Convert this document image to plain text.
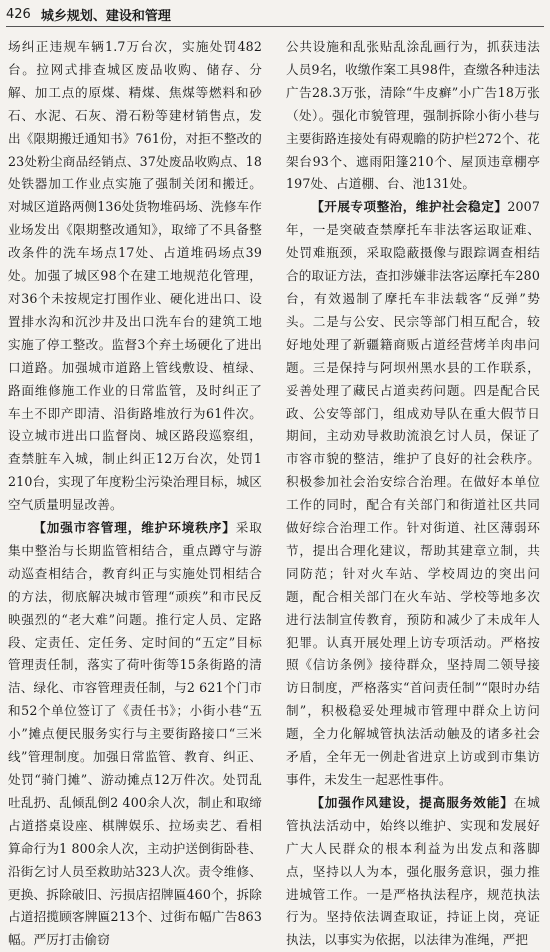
426 城乡规划、建设和管理

场纠正违规车辆1.7万台次，实施处罚482台。拉网式排查城区废品收购、储存、分解、加工点的原煤、精煤、焦煤等燃料和砂石、水泥、石灰、滑石粉等建材销售点，发出《限期搬迁通知书》761份，对拒不整改的23处粉尘商品经销点、37处废品收购点、18处铁器加工作业点实施了强制关闭和搬迁。对城区道路两侧136处货物堆码场、洗修车作业场发出《限期整改通知》，取缔了不具备整改条件的洗车场点17处、占道堆码场点39处。加强了城区98个在建工地规范化管理，对36个未按规定打围作业、硬化进出口、设置排水沟和沉沙井及出口洗车台的建筑工地实施了停工整改。监督3个弃土场硬化了进出口道路。加强城市道路上管线敷设、植绿、路面维修施工作业的日常监管，及时纠正了车土不即产即清、沿街路堆放行为61件次。设立城市进出口监督岗、城区路段巡察组，查禁脏车入城，制止纠正12万台次，处罚1 210台，实现了年度粉尘污染治理目标，城区空气质量明显改善。

【加强市容管理，维护环境秩序】采取集中整治与长期监管相结合，重点蹲守与游动巡查相结合，教育纠正与实施处罚相结合的方法，彻底解决城市管理“顽疾”和市民反映强烈的“老大难”问题。推行定人员、定路段、定责任、定任务、定时间的“五定”目标管理责任制，落实了荷叶街等15条街路的清洁、绿化、市容管理责任制，与2 621个门市和52个单位签订了《责任书》；小街小巷“五小”摊点便民服务实行与主要街路接口“三米线”管理制度。加强日常监管、教育、纠正、处罚“骑门摊”、游动摊点12万件次。处罚乱吐乱扔、乱倾乱倒2 400余人次，制止和取缔占道搭桌设座、棋牌娱乐、拉场卖艺、看相算命行为1 800余人次，主动护送倒街卧巷、沿街乞讨人员至救助站323人次。责令维修、更换、拆除破旧、污损店招牌匾460个，拆除占道招揽顾客牌匾213个、过街布幅广告863幅。严厉打击偷窃

公共设施和乱张贴乱涂乱画行为，抓获违法人员9名，收缴作案工具98件，查缴各种违法广告28.3万张，清除“牛皮癣”小广告18万张（处）。强化市貌管理，强制拆除小街小巷与主要街路连接处有碍观瞻的防护栏272个、花架台93个、遮雨阳篷210个、屋顶违章棚亭197处、占道棚、台、池131处。

【开展专项整治，维护社会稳定】2007年，一是突破查禁摩托车非法客运取证难、处罚难瓶颈，采取隐蔽摄像与跟踪调查相结合的取证方法，查扣涉嫌非法客运摩托车280台，有效遏制了摩托车非法载客“反弹”势头。二是与公安、民宗等部门相互配合，较好地处理了新疆籍商贩占道经营烤羊肉串问题。三是保持与阿坝州黑水县的工作联系，妥善处理了藏民占道卖药问题。四是配合民政、公安等部门，组成劝导队在重大假节日期间，主动劝导救助流浪乞讨人员，保证了市容市貌的整洁，维护了良好的社会秩序。积极参加社会治安综合治理。在做好本单位工作的同时，配合有关部门和街道社区共同做好综合治理工作。针对街道、社区薄弱环节，提出合理化建议，帮助其建章立制，共同防范；针对火车站、学校周边的突出问题，配合相关部门在火车站、学校等地多次进行法制宣传教育，预防和减少了未成年人犯罪。认真开展处理上访专项活动。严格按照《信访条例》接待群众，坚持周二领导接访日制度，严格落实“首问责任制”“限时办结制”，积极稳妥处理城市管理中群众上访问题，全力化解城管执法活动触及的诸多社会矛盾，全年无一例赴省进京上访或到市集访事件，未发生一起恶性事件。

【加强作风建设，提高服务效能】在城管执法活动中，始终以维护、实现和发展好广大人民群众的根本利益为出发点和落脚点，坚持以人为本，强化服务意识，强力推进城管工作。一是严格执法程序，规范执法行为。坚持依法调查取证，持证上岗，亮证执法，以事实为依据，以法律为准绳，严把
